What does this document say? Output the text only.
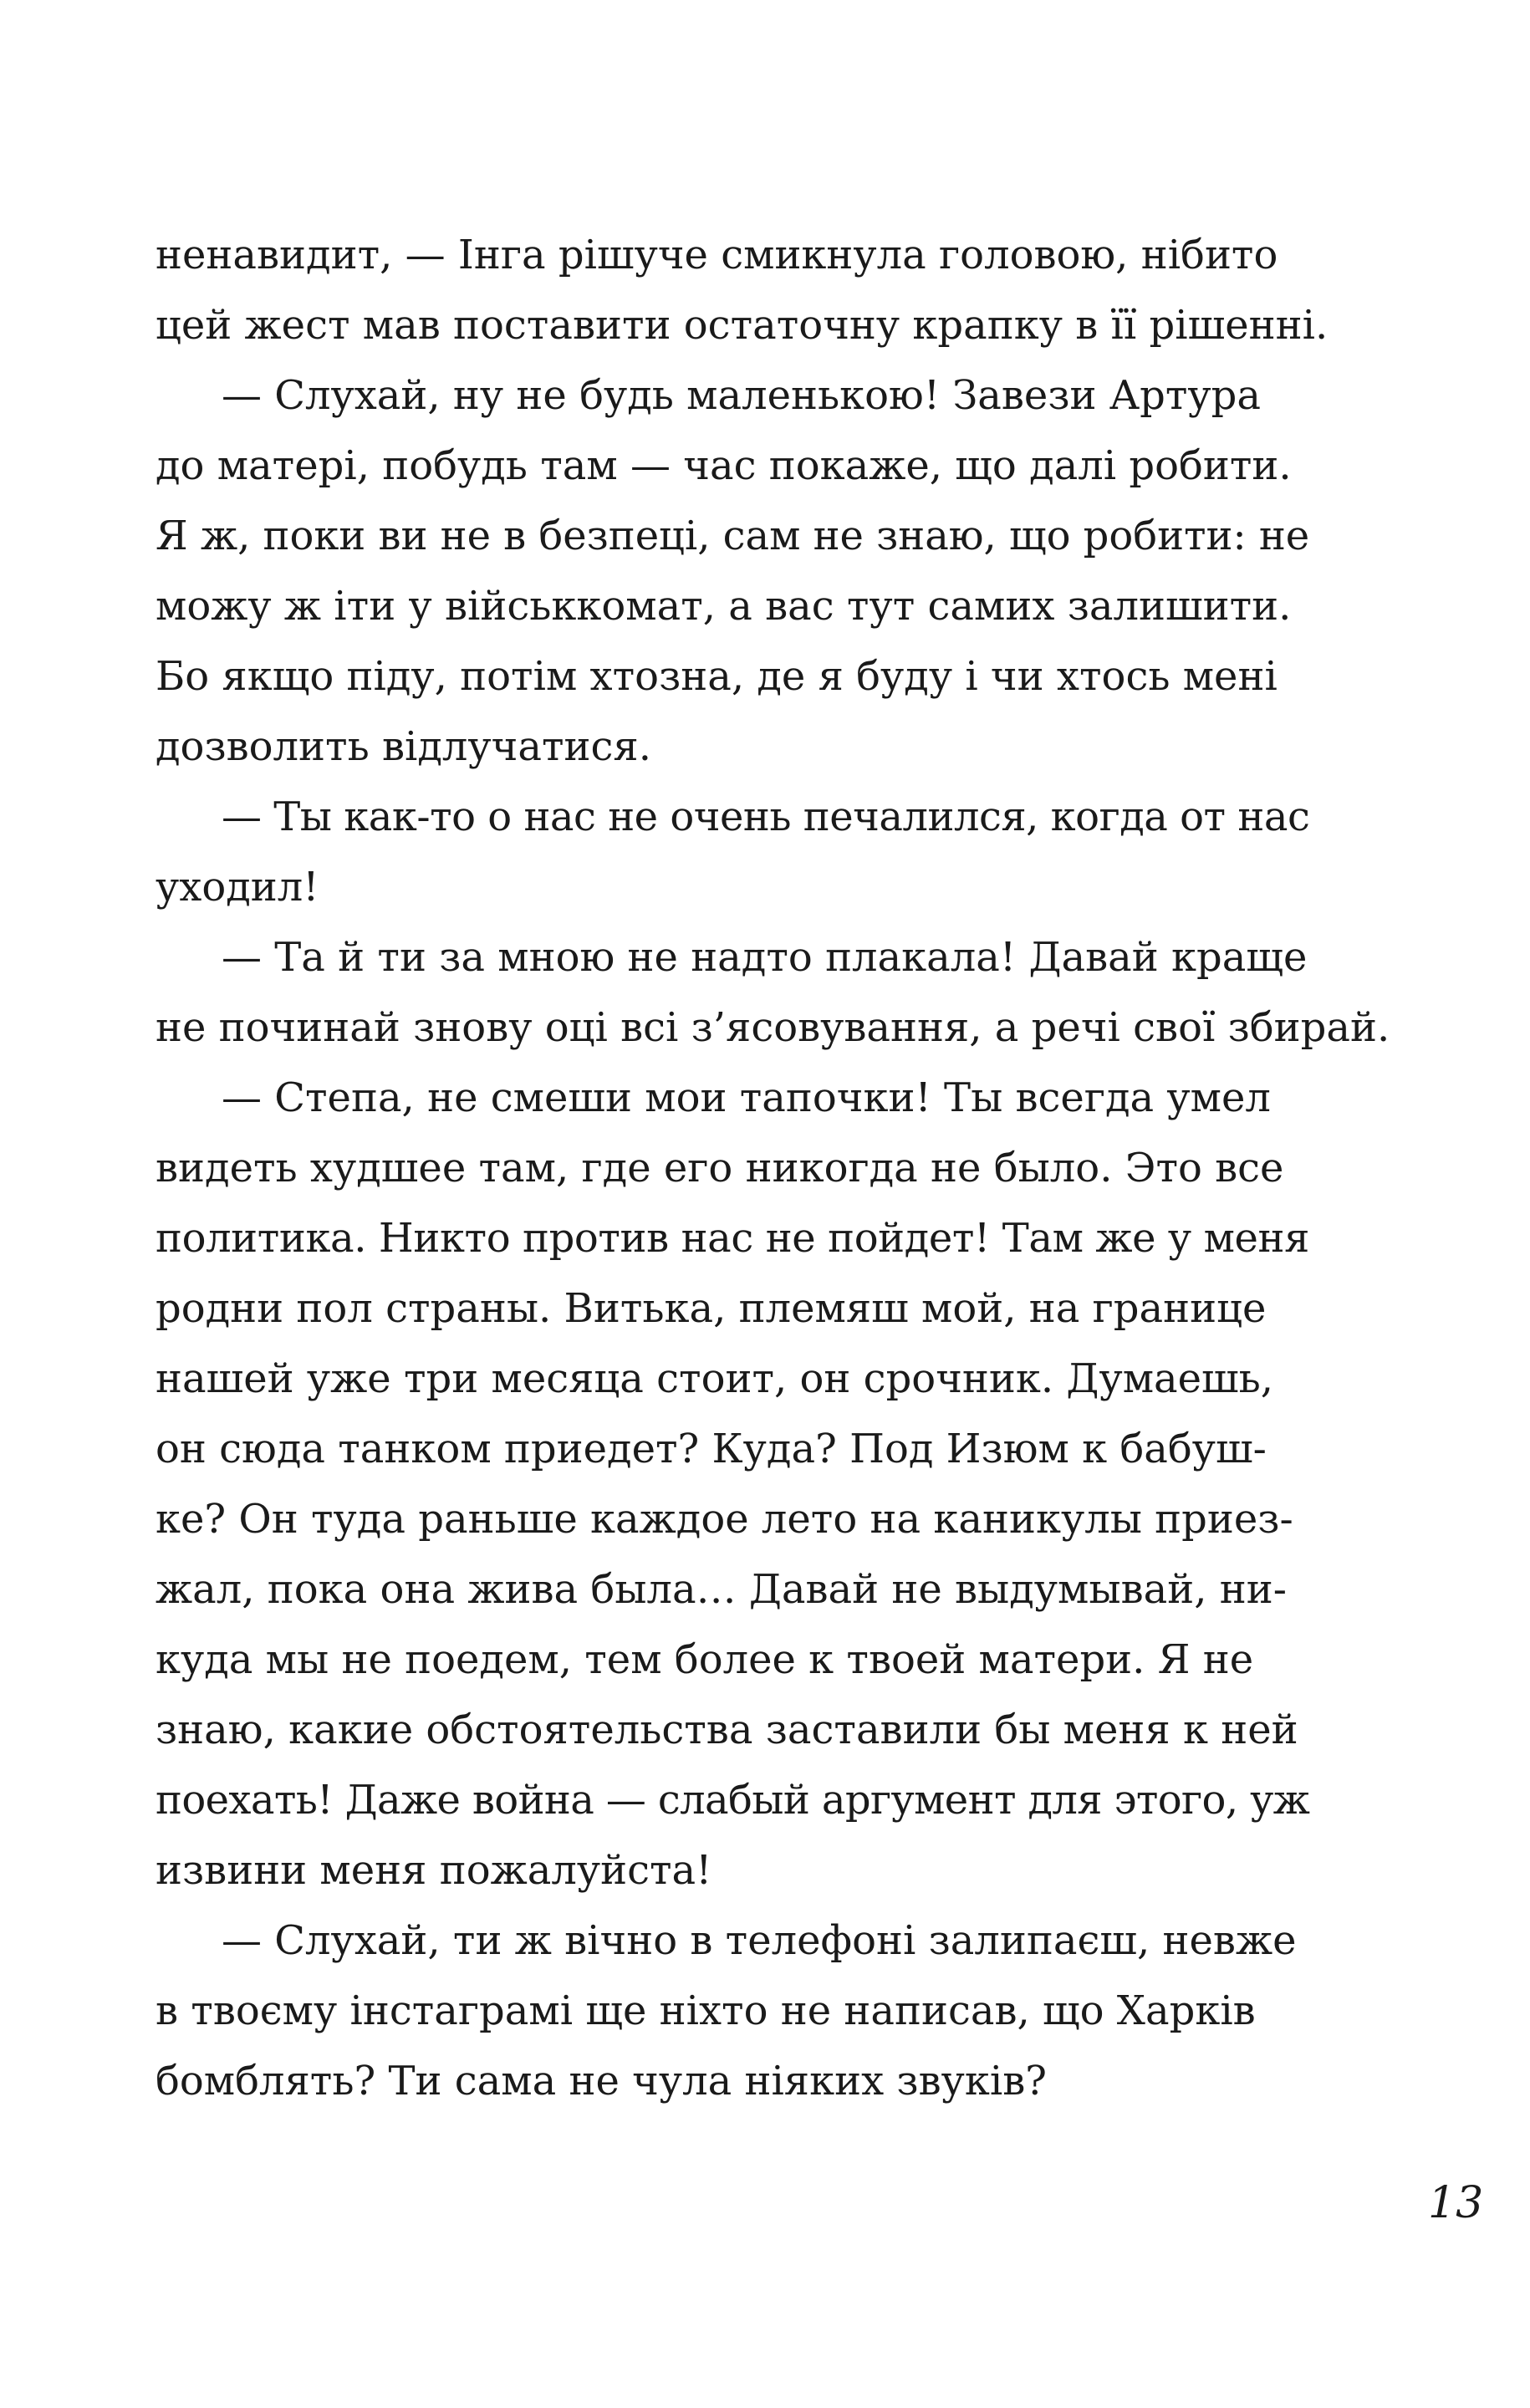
ненавидит, — Інга рішуче смикнула головою, нібито
цей жест мав поставити остаточну крапку в її рішенні.
— Слухай, ну не будь маленькою! Завези Артура
до матері, побудь там — час покаже, що далі робити.
Я ж, поки ви не в безпеці, сам не знаю, що робити: не
можу ж іти у військкомат, а вас тут самих залишити.
Бо якщо піду, потім хтозна, де я буду і чи хтось мені
дозволить відлучатися.
— Ты как-то о нас не очень печалился, когда от нас
уходил!
— Та й ти за мною не надто плакала! Давай краще
не починай знову оці всі з’ясовування, а речі свої збирай.
— Степа, не смеши мои тапочки! Ты всегда умел
видеть худшее там, где его никогда не было. Это все
политика. Никто против нас не пойдет! Там же у меня
родни пол страны. Витька, племяш мой, на границе
нашей уже три месяца стоит, он срочник. Думаешь,
он сюда танком приедет? Куда? Под Изюм к бабуш-
ке? Он туда раньше каждое лето на каникулы приез-
жал, пока она жива была… Давай не выдумывай, ни-
куда мы не поедем, тем более к твоей матери. Я не
знаю, какие обстоятельства заставили бы меня к ней
поехать! Даже война — слабый аргумент для этого, уж
извини меня пожалуйста!
— Слухай, ти ж вічно в телефоні залипаєш, невже
в твоєму інстаграмі ще ніхто не написав, що Харків
бомблять? Ти сама не чула ніяких звуків?
13
